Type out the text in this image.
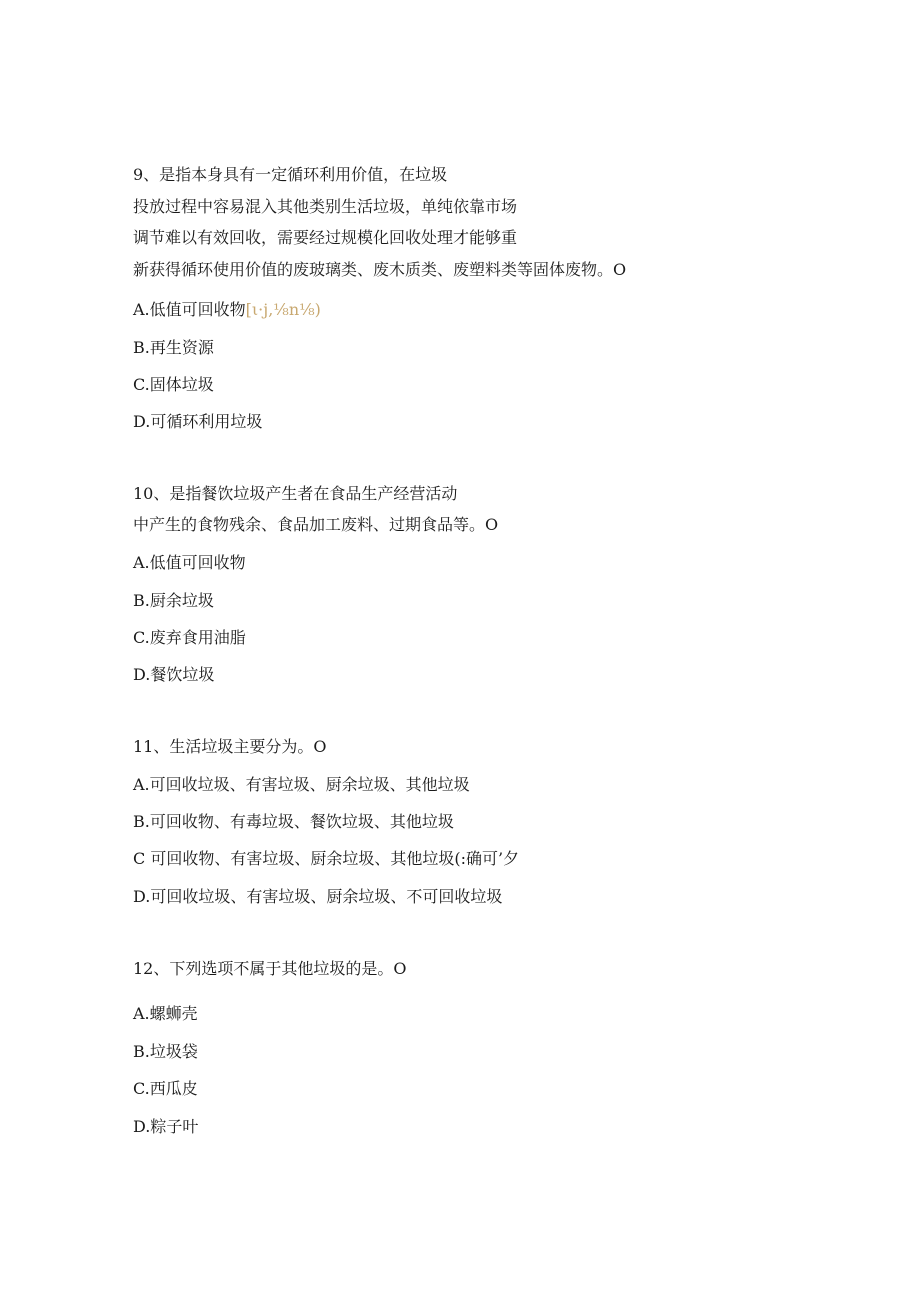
9、是指本身具有一定循环利用价值，在垃圾
投放过程中容易混入其他类别生活垃圾，单纯依靠市场
调节难以有效回收，需要经过规模化回收处理才能够重
新获得循环使用价值的废玻璃类、废木质类、废塑料类等固体废物。O
A.低值可回收物[ι·j,⅛n⅛)
B.再生资源
C.固体垃圾
D.可循环利用垃圾
10、是指餐饮垃圾产生者在食品生产经营活动
中产生的食物残余、食品加工废料、过期食品等。O
A.低值可回收物
B.厨余垃圾
C.废弃食用油脂
D.餐饮垃圾
11、生活垃圾主要分为。O
A.可回收垃圾、有害垃圾、厨余垃圾、其他垃圾
B.可回收物、有毒垃圾、餐饮垃圾、其他垃圾
C 可回收物、有害垃圾、厨余垃圾、其他垃圾(:确可’夕
D.可回收垃圾、有害垃圾、厨余垃圾、不可回收垃圾
12、下列选项不属于其他垃圾的是。O
A.螺蛳壳
B.垃圾袋
C.西瓜皮
D.粽子叶
